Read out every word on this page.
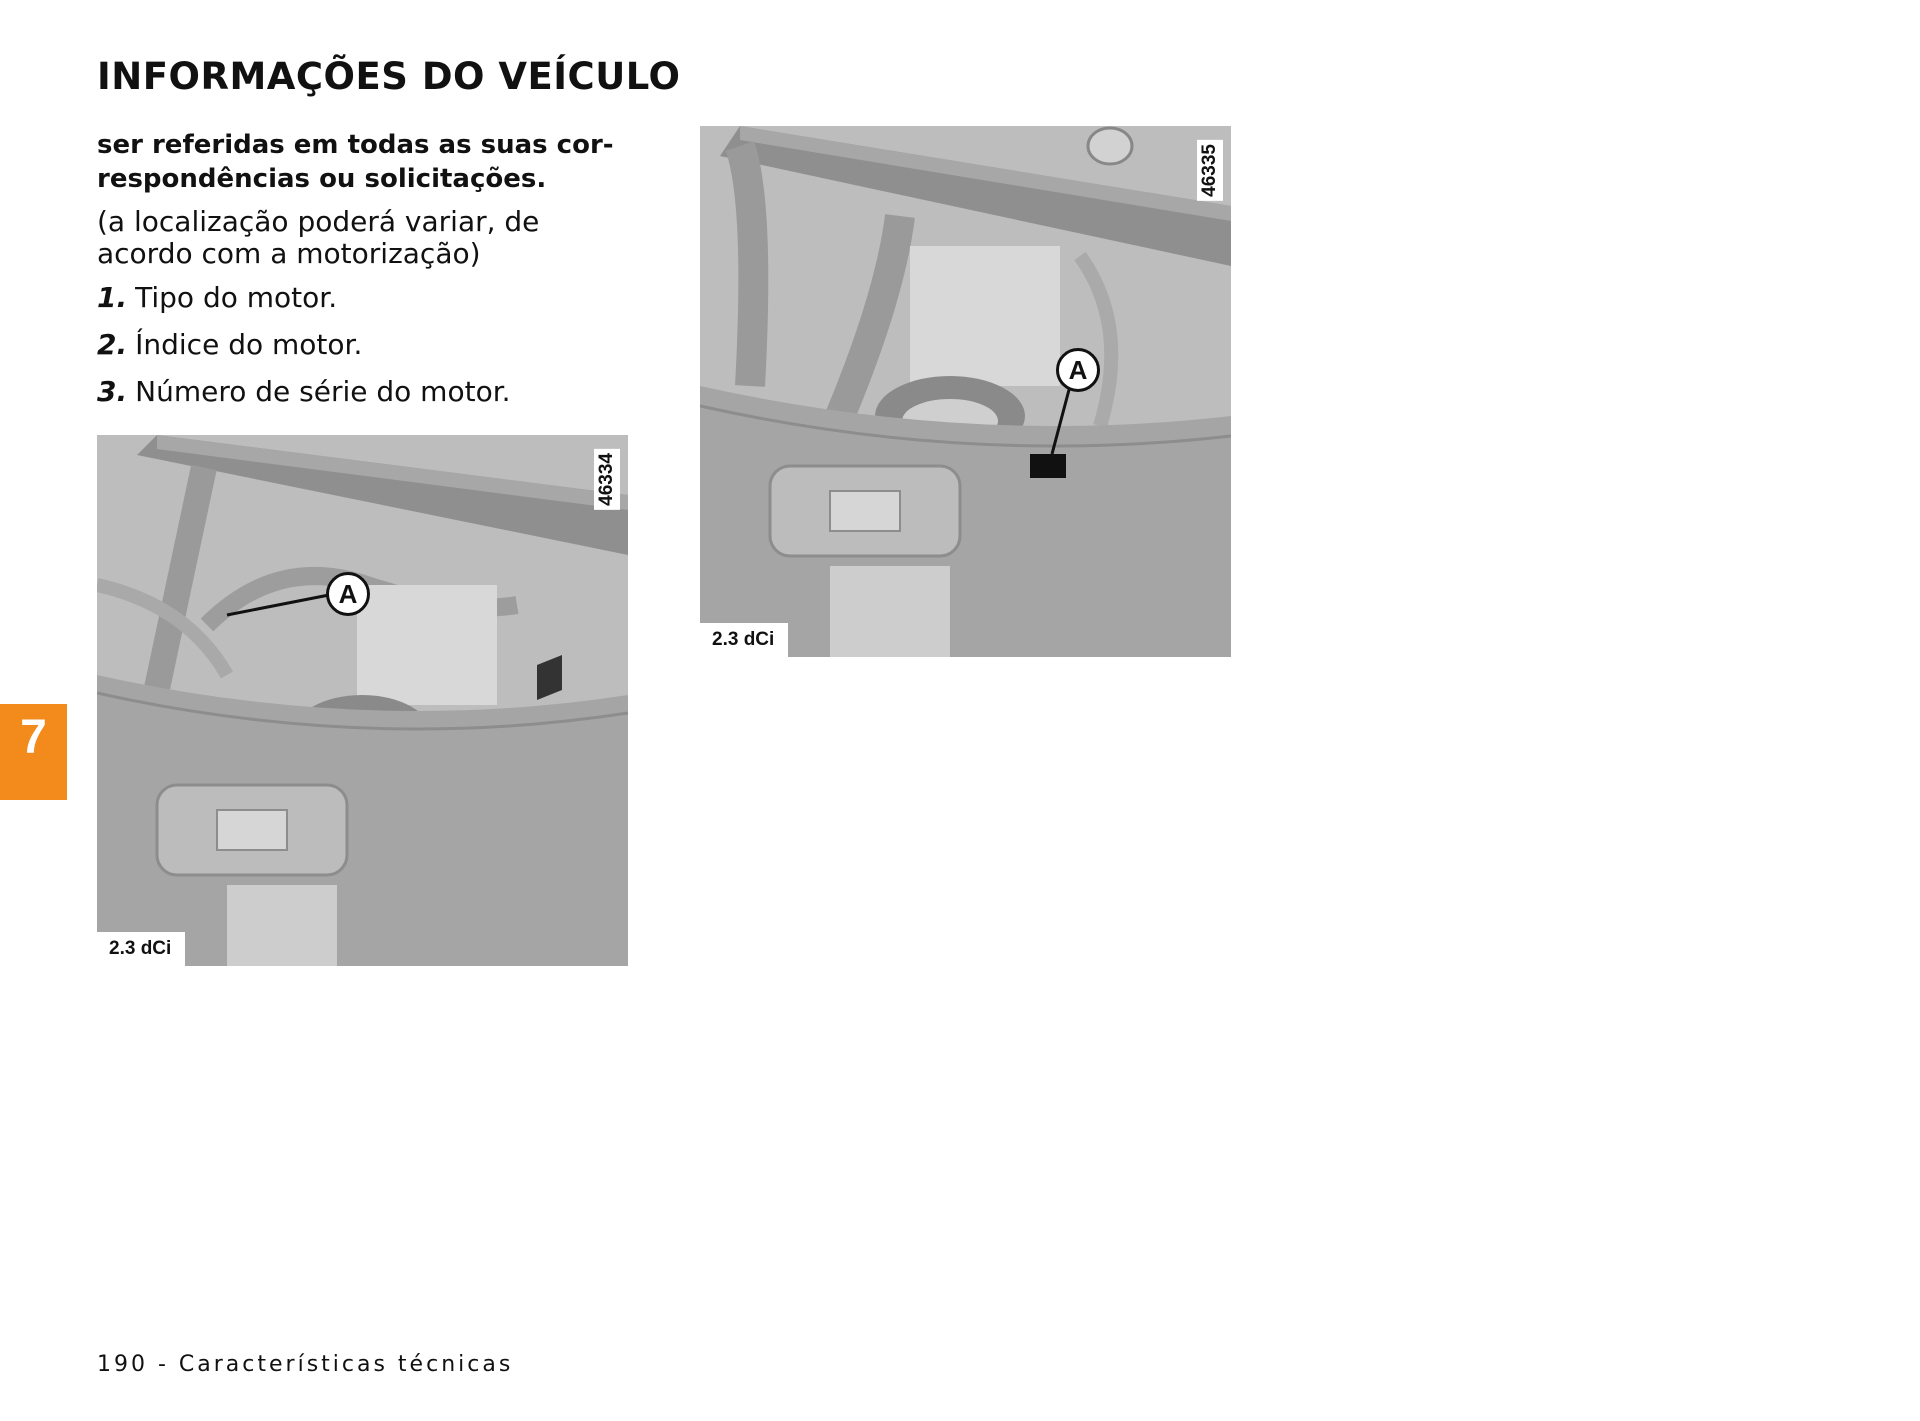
INFORMAÇÕES DO VEÍCULO
ser referidas em todas as suas cor-
respondências ou solicitações.
(a localização poderá variar, de
acordo com a motorização)
1. Tipo do motor.
2. Índice do motor.
3. Número de série do motor.
A
46334
2.3 dCi
A
46335
2.3 dCi
7
190 - Características técnicas
